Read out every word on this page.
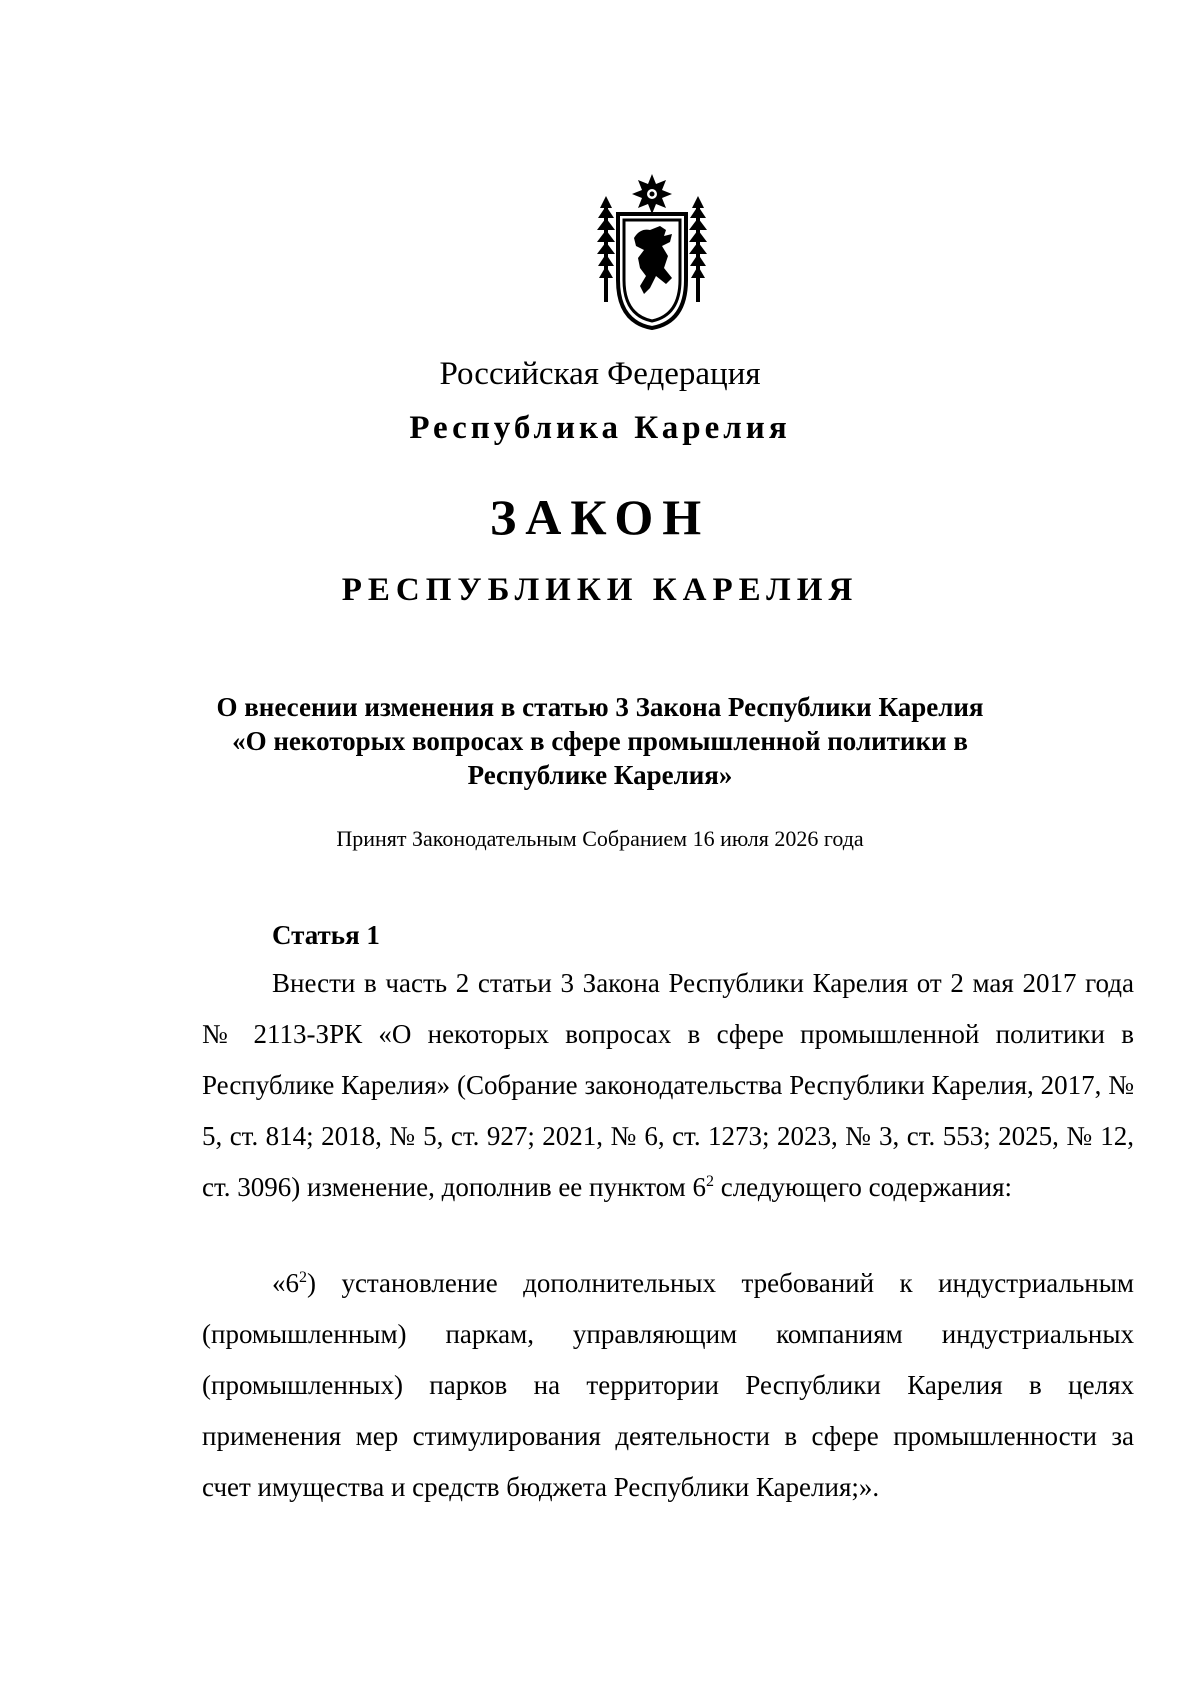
Российская Федерация
Республика Карелия
ЗАКОН
РЕСПУБЛИКИ КАРЕЛИЯ
О внесении изменения в статью 3 Закона Республики Карелия
«О некоторых вопросах в сфере промышленной политики в
Республике Карелия»
Принят Законодательным Собранием 16 июля 2026 года
Статья 1

Внести в часть 2 статьи 3 Закона Республики Карелия от 2 мая 2017 года № 2113-ЗРК «О некоторых вопросах в сфере промышленной политики в Республике Карелия» (Собрание законодательства Республики Карелия, 2017, № 5, ст. 814; 2018, № 5, ст. 927; 2021, № 6, ст. 1273; 2023, № 3, ст. 553; 2025, № 12, ст. 3096) изменение, дополнив ее пунктом $6^2$ следующего содержания:

«$6^2$) установление дополнительных требований к индустриальным (промышленным) паркам, управляющим компаниям индустриальных (промышленных) парков на территории Республики Карелия в целях применения мер стимулирования деятельности в сфере промышленности за счет имущества и средств бюджета Республики Карелия;».
